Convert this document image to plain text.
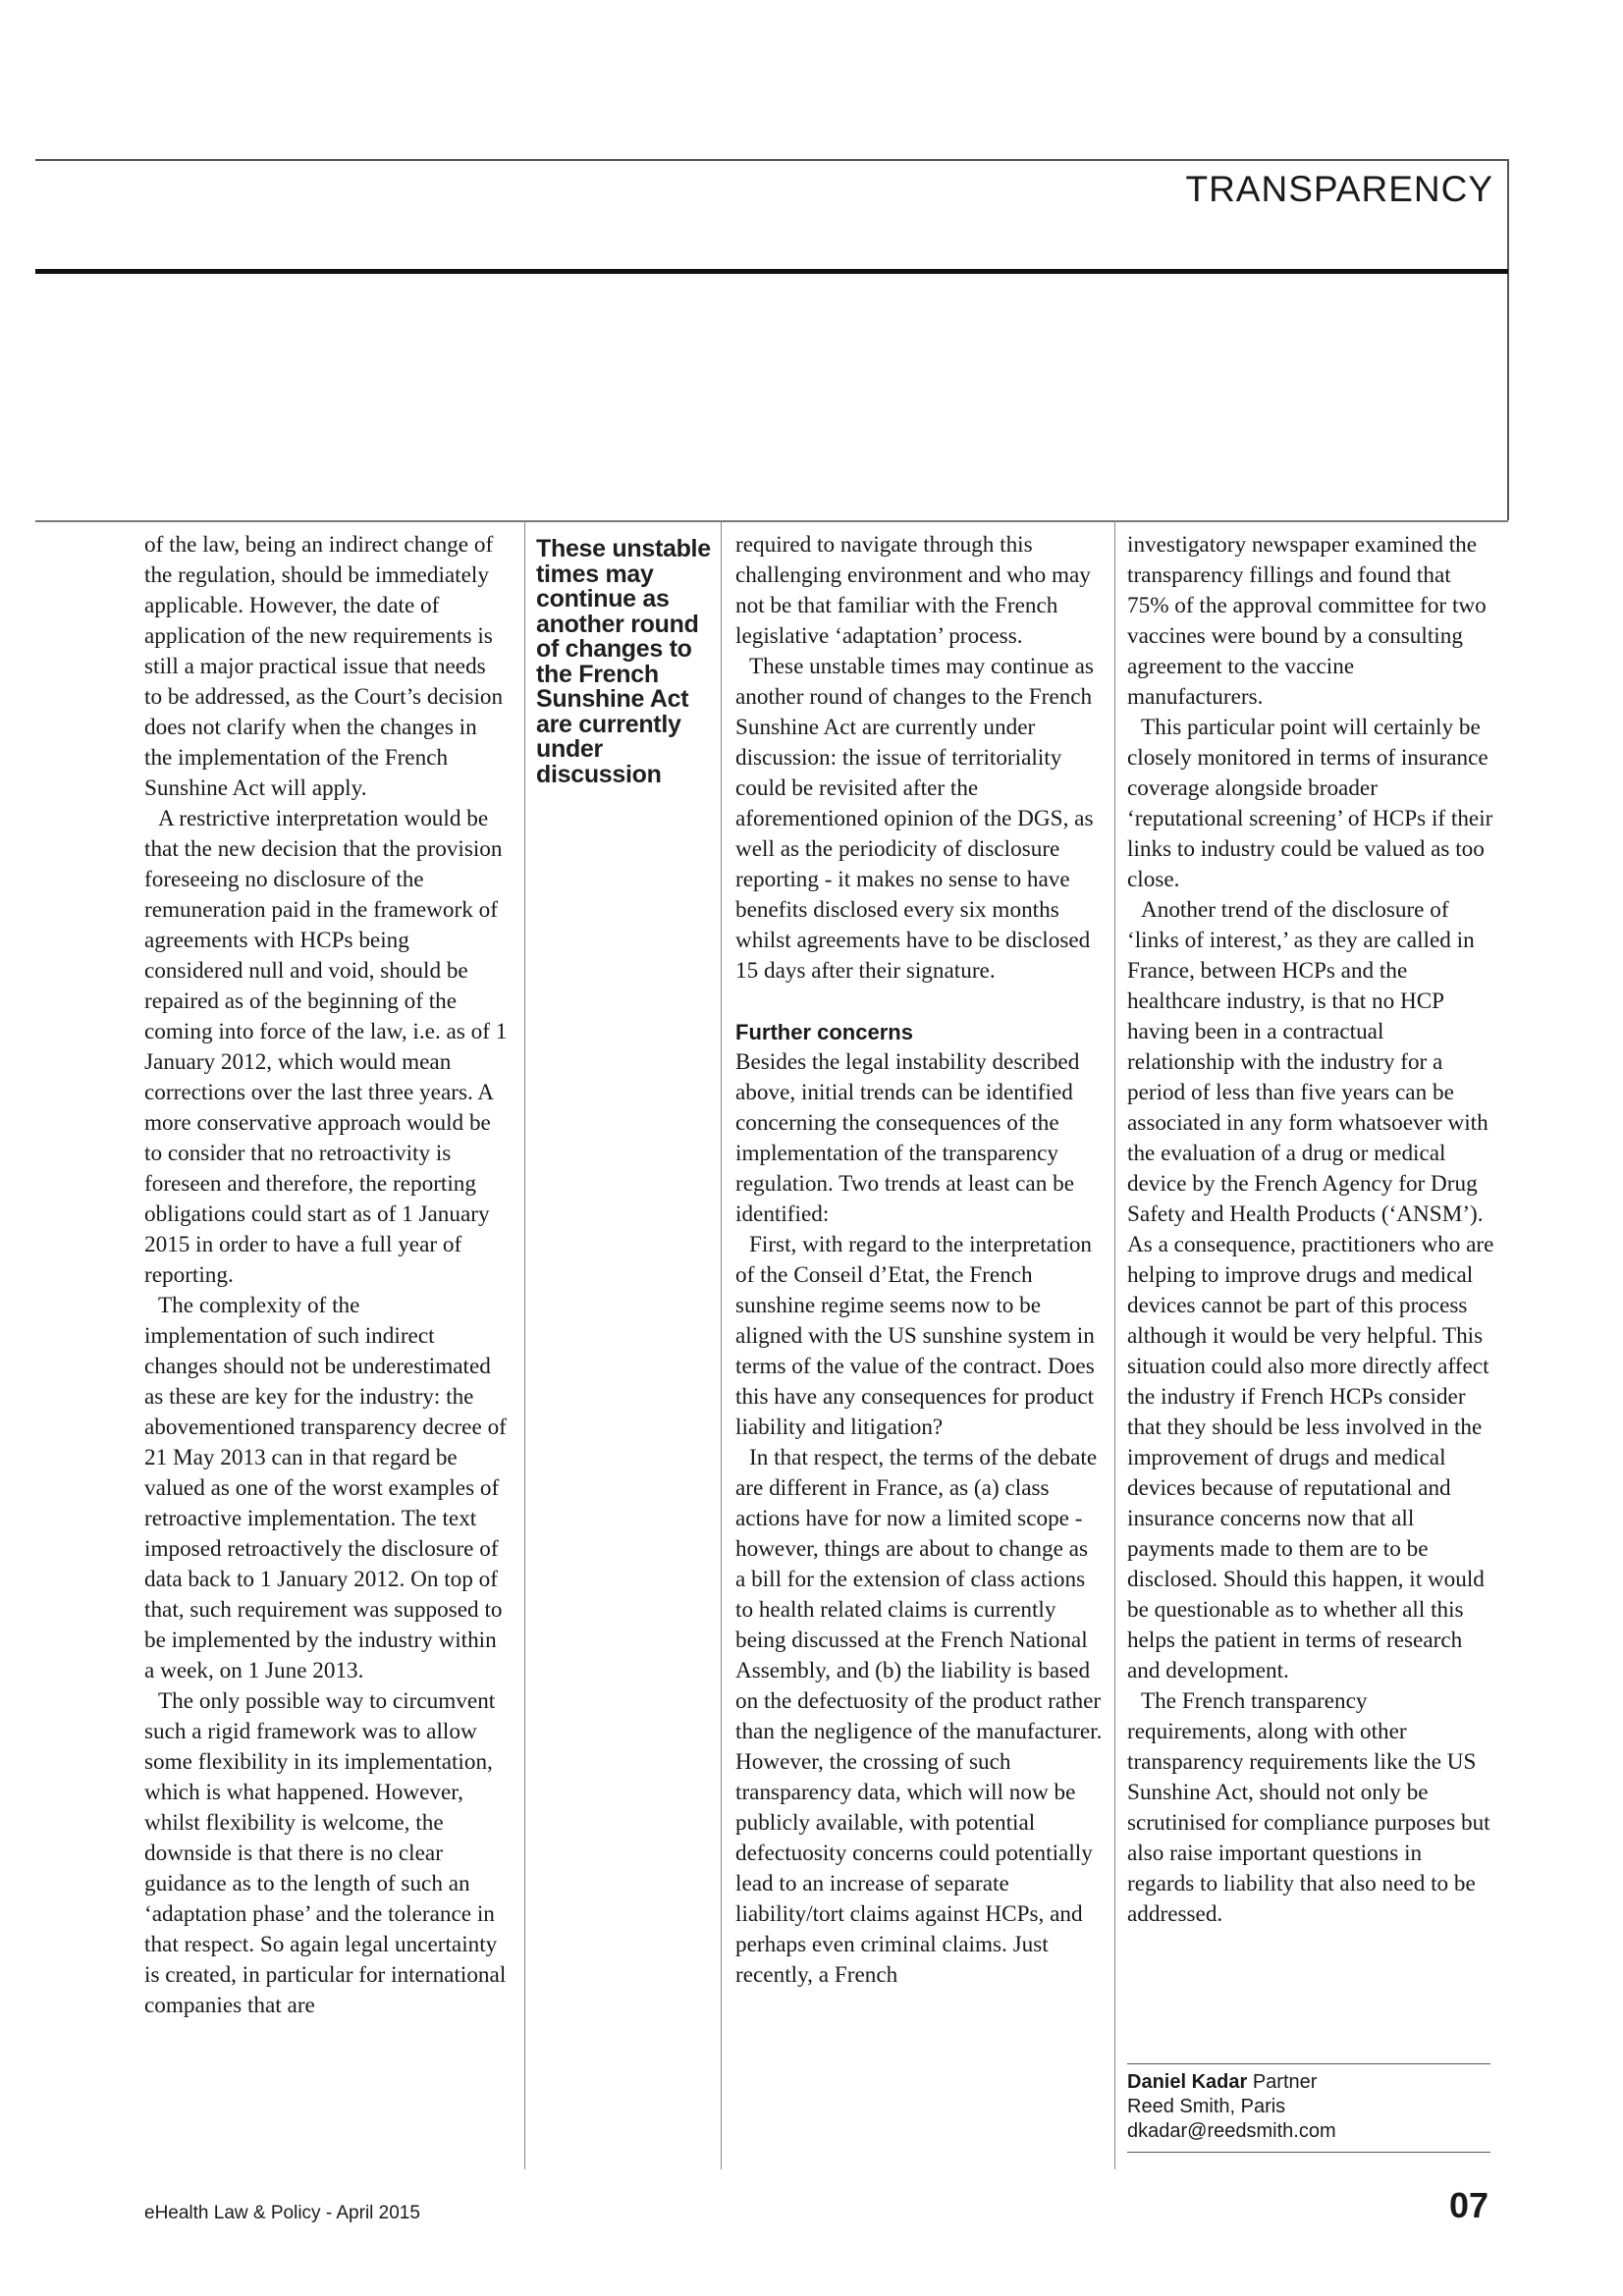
TRANSPARENCY

of the law, being an indirect change of the regulation, should be immediately applicable. However, the date of application of the new requirements is still a major practical issue that needs to be addressed, as the Court’s decision does not clarify when the changes in the implementation of the French Sunshine Act will apply.

A restrictive interpretation would be that the new decision that the provision foreseeing no disclosure of the remuneration paid in the framework of agreements with HCPs being considered null and void, should be repaired as of the beginning of the coming into force of the law, i.e. as of 1 January 2012, which would mean corrections over the last three years. A more conservative approach would be to consider that no retroactivity is foreseen and therefore, the reporting obligations could start as of 1 January 2015 in order to have a full year of reporting.

The complexity of the implementation of such indirect changes should not be underestimated as these are key for the industry: the abovementioned transparency decree of 21 May 2013 can in that regard be valued as one of the worst examples of retroactive implementation. The text imposed retroactively the disclosure of data back to 1 January 2012. On top of that, such requirement was supposed to be implemented by the industry within a week, on 1 June 2013.

The only possible way to circumvent such a rigid framework was to allow some flexibility in its implementation, which is what happened. However, whilst flexibility is welcome, the downside is that there is no clear guidance as to the length of such an ‘adaptation phase’ and the tolerance in that respect. So again legal uncertainty is created, in particular for international companies that are

These unstable times may continue as another round of changes to the French Sunshine Act are currently under discussion

required to navigate through this challenging environment and who may not be that familiar with the French legislative ‘adaptation’ process.

These unstable times may continue as another round of changes to the French Sunshine Act are currently under discussion: the issue of territoriality could be revisited after the aforementioned opinion of the DGS, as well as the periodicity of disclosure reporting - it makes no sense to have benefits disclosed every six months whilst agreements have to be disclosed 15 days after their signature.

Further concerns

Besides the legal instability described above, initial trends can be identified concerning the consequences of the implementation of the transparency regulation. Two trends at least can be identified:

First, with regard to the interpretation of the Conseil d’Etat, the French sunshine regime seems now to be aligned with the US sunshine system in terms of the value of the contract. Does this have any consequences for product liability and litigation?

In that respect, the terms of the debate are different in France, as (a) class actions have for now a limited scope - however, things are about to change as a bill for the extension of class actions to health related claims is currently being discussed at the French National Assembly, and (b) the liability is based on the defectuosity of the product rather than the negligence of the manufacturer. However, the crossing of such transparency data, which will now be publicly available, with potential defectuosity concerns could potentially lead to an increase of separate liability/tort claims against HCPs, and perhaps even criminal claims. Just recently, a French

investigatory newspaper examined the transparency fillings and found that 75% of the approval committee for two vaccines were bound by a consulting agreement to the vaccine manufacturers.

This particular point will certainly be closely monitored in terms of insurance coverage alongside broader ‘reputational screening’ of HCPs if their links to industry could be valued as too close.

Another trend of the disclosure of ‘links of interest,’ as they are called in France, between HCPs and the healthcare industry, is that no HCP having been in a contractual relationship with the industry for a period of less than five years can be associated in any form whatsoever with the evaluation of a drug or medical device by the French Agency for Drug Safety and Health Products (‘ANSM’). As a consequence, practitioners who are helping to improve drugs and medical devices cannot be part of this process although it would be very helpful. This situation could also more directly affect the industry if French HCPs consider that they should be less involved in the improvement of drugs and medical devices because of reputational and insurance concerns now that all payments made to them are to be disclosed. Should this happen, it would be questionable as to whether all this helps the patient in terms of research and development.

The French transparency requirements, along with other transparency requirements like the US Sunshine Act, should not only be scrutinised for compliance purposes but also raise important questions in regards to liability that also need to be addressed.

Daniel Kadar Partner
Reed Smith, Paris
dkadar@reedsmith.com
eHealth Law & Policy - April 2015	07
